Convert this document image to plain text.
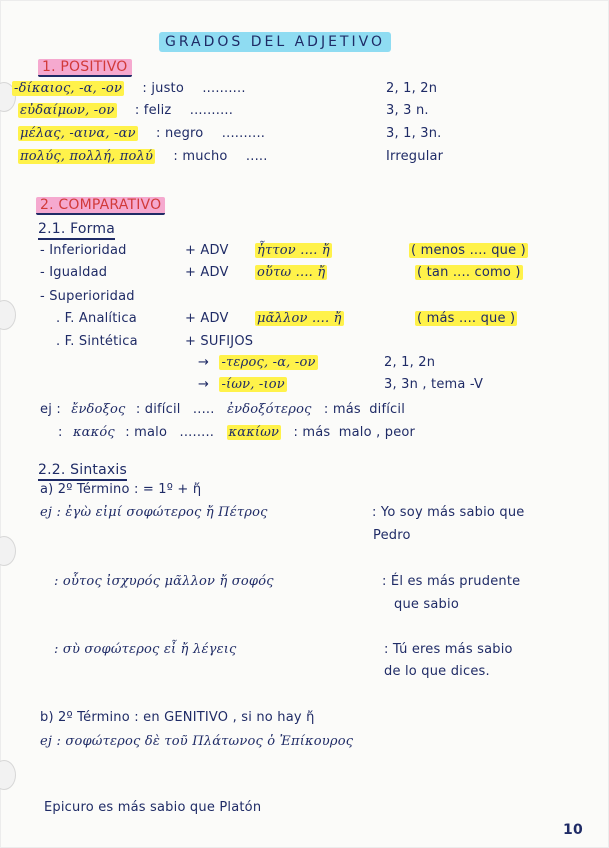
GRADOS DEL ADJETIVO
1. POSITIVO
-δίκαιος, -α, -ον : justo ..........	2, 1, 2n
εὐδαίμων, -ον : feliz ..........	3, 3 n.
μέλας, -αινα, -αν : negro ..........	3, 1, 3n.
πολύς, πολλή, πολύ : mucho .....	Irregular
2. COMPARATIVO
2.1. Forma
- Inferioridad	+ ADV ἧττον .... ἤ	( menos .... que )
- Igualdad	+ ADV οὕτω .... ἤ	( tan .... como )
- Superioridad
. F. Analítica	+ ADV μᾶλλον .... ἤ	( más .... que )
. F. Sintética	+ SUFIJOS
→ -τερος, -α, -ον	2, 1, 2n
→ -ίων, -ιον	3, 3n , tema -V
ej : ἔνδοξος : difícil ..... ἐνδοξότερος : más difícil
: κακός : malo ........ κακίων : más malo , peor
2.2. Sintaxis
a) 2º Término : = 1º + ἤ
ej : ἐγὼ εἰμί σοφώτερος ἤ Πέτρος	: Yo soy más sabio que
Pedro
: οὗτος ἰσχυρός μᾶλλον ἤ σοφός	: Él es más prudente
que sabio
: σὺ σοφώτερος εἶ ἤ λέγεις	: Tú eres más sabio
de lo que dices.
b) 2º Término : en GENITIVO , si no hay ἤ
ej : σοφώτερος δὲ τοῦ Πλάτωνος ὁ Ἐπίκουρος
Epicuro es más sabio que Platón
10
